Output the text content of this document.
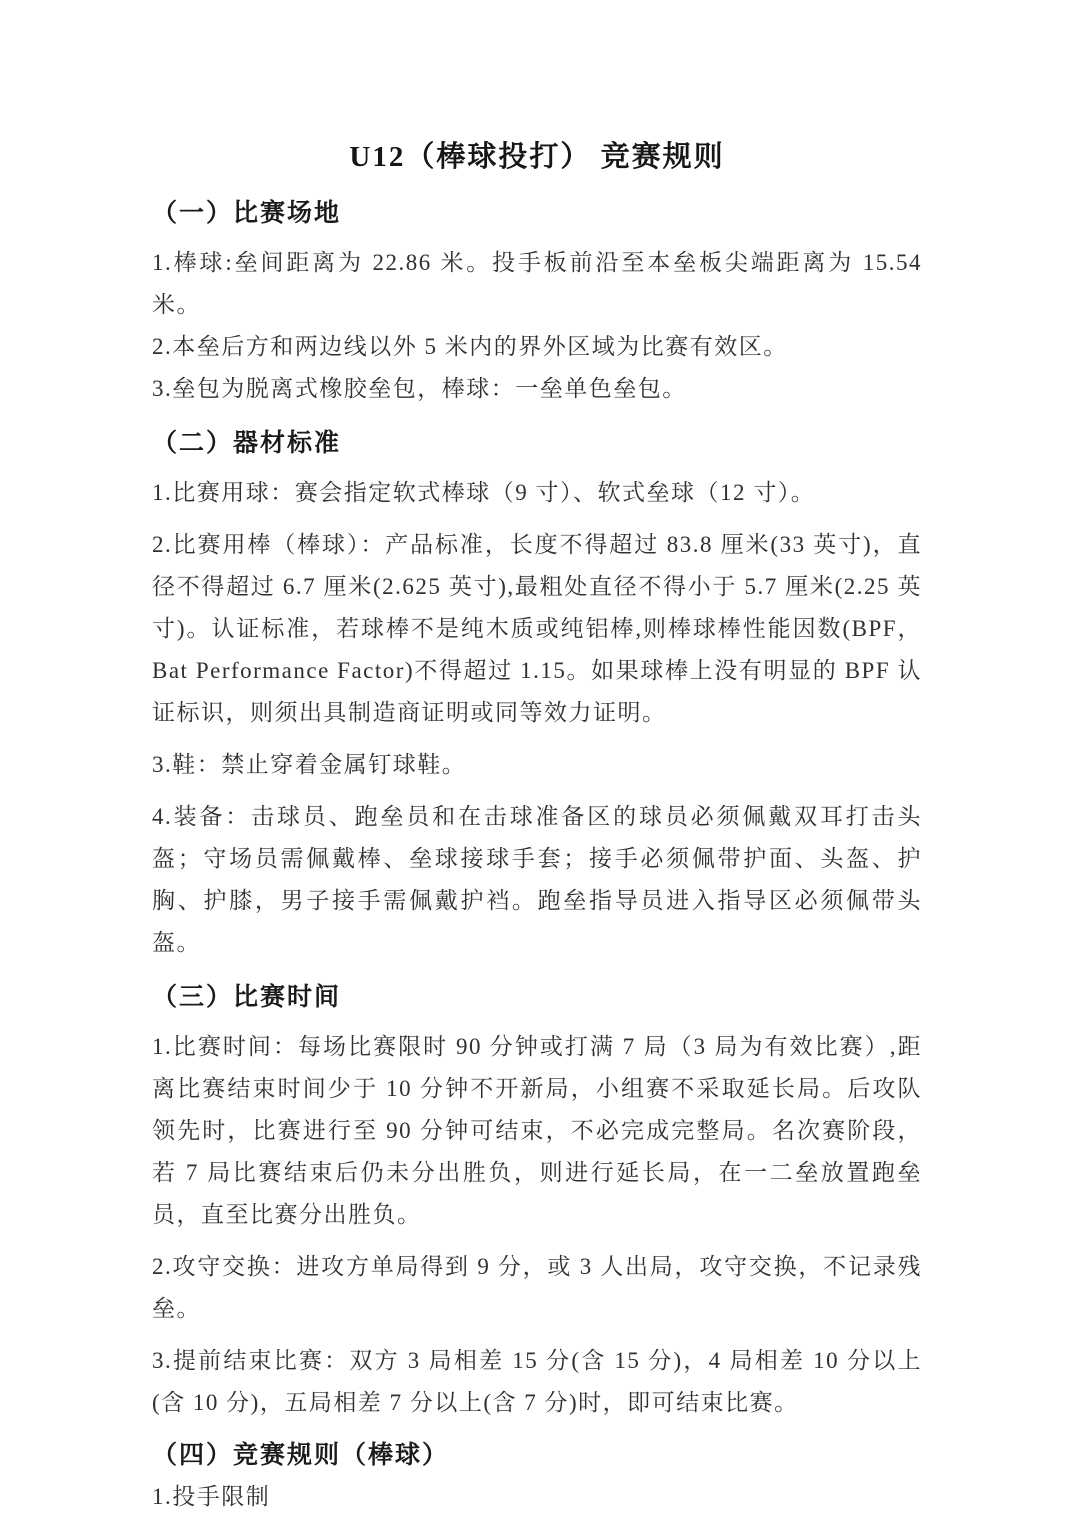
U12（棒球投打） 竞赛规则
（一）比赛场地

1.棒球:垒间距离为 22.86 米。投手板前沿至本垒板尖端距离为 15.54 米。

2.本垒后方和两边线以外 5 米内的界外区域为比赛有效区。

3.垒包为脱离式橡胶垒包，棒球：一垒单色垒包。

（二）器材标准

1.比赛用球：赛会指定软式棒球（9 寸）、软式垒球（12 寸）。

2.比赛用棒（棒球）：产品标准，长度不得超过 83.8 厘米(33 英寸)，直径不得超过 6.7 厘米(2.625 英寸),最粗处直径不得小于 5.7 厘米(2.25 英寸)。认证标准，若球棒不是纯木质或纯铝棒,则棒球棒性能因数(BPF，Bat Performance Factor)不得超过 1.15。如果球棒上没有明显的 BPF 认证标识，则须出具制造商证明或同等效力证明。

3.鞋：禁止穿着金属钉球鞋。

4.装备：击球员、跑垒员和在击球准备区的球员必须佩戴双耳打击头盔；守场员需佩戴棒、垒球接球手套；接手必须佩带护面、头盔、护胸、护膝，男子接手需佩戴护裆。跑垒指导员进入指导区必须佩带头盔。

（三）比赛时间

1.比赛时间：每场比赛限时 90 分钟或打满 7 局（3 局为有效比赛）,距离比赛结束时间少于 10 分钟不开新局，小组赛不采取延长局。后攻队领先时，比赛进行至 90 分钟可结束，不必完成完整局。名次赛阶段，若 7 局比赛结束后仍未分出胜负，则进行延长局，在一二垒放置跑垒员，直至比赛分出胜负。

2.攻守交换：进攻方单局得到 9 分，或 3 人出局，攻守交换，不记录残垒。

3.提前结束比赛：双方 3 局相差 15 分(含 15 分)，4 局相差 10 分以上(含 10 分)，五局相差 7 分以上(含 7 分)时，即可结束比赛。

（四）竞赛规则（棒球）

1.投手限制
